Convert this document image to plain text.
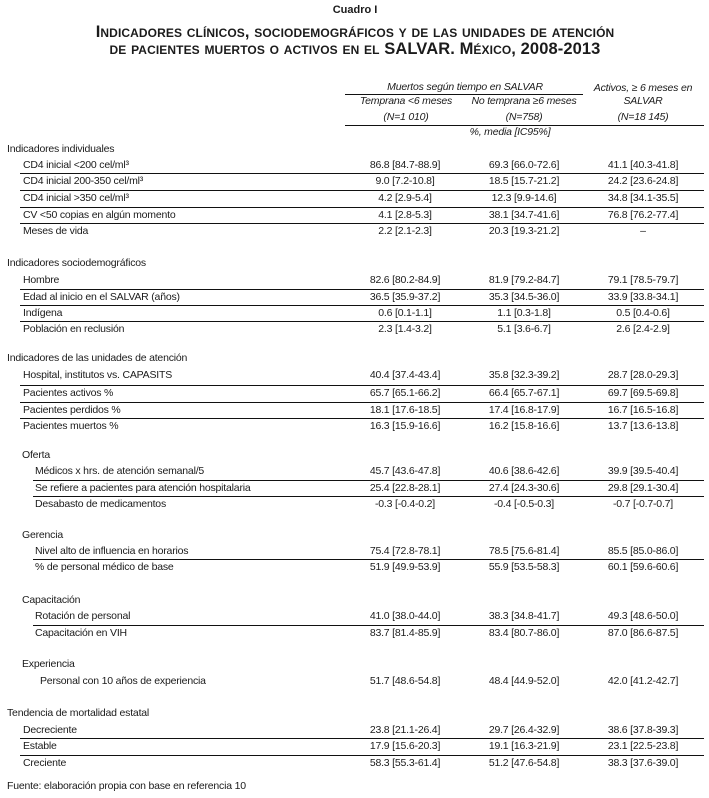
Cuadro I
Indicadores clínicos, sociodemográficos y de las unidades de atención
de pacientes muertos o activos en el SALVAR. México, 2008-2013
Muertos según tiempo en SALVAR
Temprana <6 meses
(N=1 010)
No temprana ≥6 meses
(N=758)
Activos, ≥ 6 meses en
SALVAR
(N=18 145)
%, media [IC95%]
Indicadores individuales
CD4 inicial <200 cel/ml³	86.8 [84.7-88.9]	69.3 [66.0-72.6]	41.1 [40.3-41.8]
CD4 inicial 200-350 cel/ml³	9.0 [7.2-10.8]	18.5 [15.7-21.2]	24.2 [23.6-24.8]
CD4 inicial >350 cel/ml³	4.2 [2.9-5.4]	12.3 [9.9-14.6]	34.8 [34.1-35.5]
CV <50 copias en algún momento	4.1 [2.8-5.3]	38.1 [34.7-41.6]	76.8 [76.2-77.4]
Meses de vida	2.2 [2.1-2.3]	20.3 [19.3-21.2]	–
Indicadores sociodemográficos
Hombre	82.6 [80.2-84.9]	81.9 [79.2-84.7]	79.1 [78.5-79.7]
Edad al inicio en el SALVAR (años)	36.5 [35.9-37.2]	35.3 [34.5-36.0]	33.9 [33.8-34.1]
Indígena	0.6 [0.1-1.1]	1.1 [0.3-1.8]	0.5 [0.4-0.6]
Población en reclusión	2.3 [1.4-3.2]	5.1 [3.6-6.7]	2.6 [2.4-2.9]
Indicadores de las unidades de atención
Hospital, institutos vs. CAPASITS	40.4 [37.4-43.4]	35.8 [32.3-39.2]	28.7 [28.0-29.3]
Pacientes activos %	65.7 [65.1-66.2]	66.4 [65.7-67.1]	69.7 [69.5-69.8]
Pacientes perdidos %	18.1 [17.6-18.5]	17.4 [16.8-17.9]	16.7 [16.5-16.8]
Pacientes muertos %	16.3 [15.9-16.6]	16.2 [15.8-16.6]	13.7 [13.6-13.8]
Oferta
Médicos x hrs. de atención semanal/5	45.7 [43.6-47.8]	40.6 [38.6-42.6]	39.9 [39.5-40.4]
Se refiere a pacientes para atención hospitalaria	25.4 [22.8-28.1]	27.4 [24.3-30.6]	29.8 [29.1-30.4]
Desabasto de medicamentos	-0.3 [-0.4-0.2]	-0.4 [-0.5-0.3]	-0.7 [-0.7-0.7]
Gerencia
Nivel alto de influencia en horarios	75.4 [72.8-78.1]	78.5 [75.6-81.4]	85.5 [85.0-86.0]
% de personal médico de base	51.9 [49.9-53.9]	55.9 [53.5-58.3]	60.1 [59.6-60.6]
Capacitación
Rotación de personal	41.0 [38.0-44.0]	38.3 [34.8-41.7]	49.3 [48.6-50.0]
Capacitación en VIH	83.7 [81.4-85.9]	83.4 [80.7-86.0]	87.0 [86.6-87.5]
Experiencia
Personal con 10 años de experiencia	51.7 [48.6-54.8]	48.4 [44.9-52.0]	42.0 [41.2-42.7]
Tendencia de mortalidad estatal
Decreciente	23.8 [21.1-26.4]	29.7 [26.4-32.9]	38.6 [37.8-39.3]
Estable	17.9 [15.6-20.3]	19.1 [16.3-21.9]	23.1 [22.5-23.8]
Creciente	58.3 [55.3-61.4]	51.2 [47.6-54.8]	38.3 [37.6-39.0]
Fuente: elaboración propia con base en referencia 10
